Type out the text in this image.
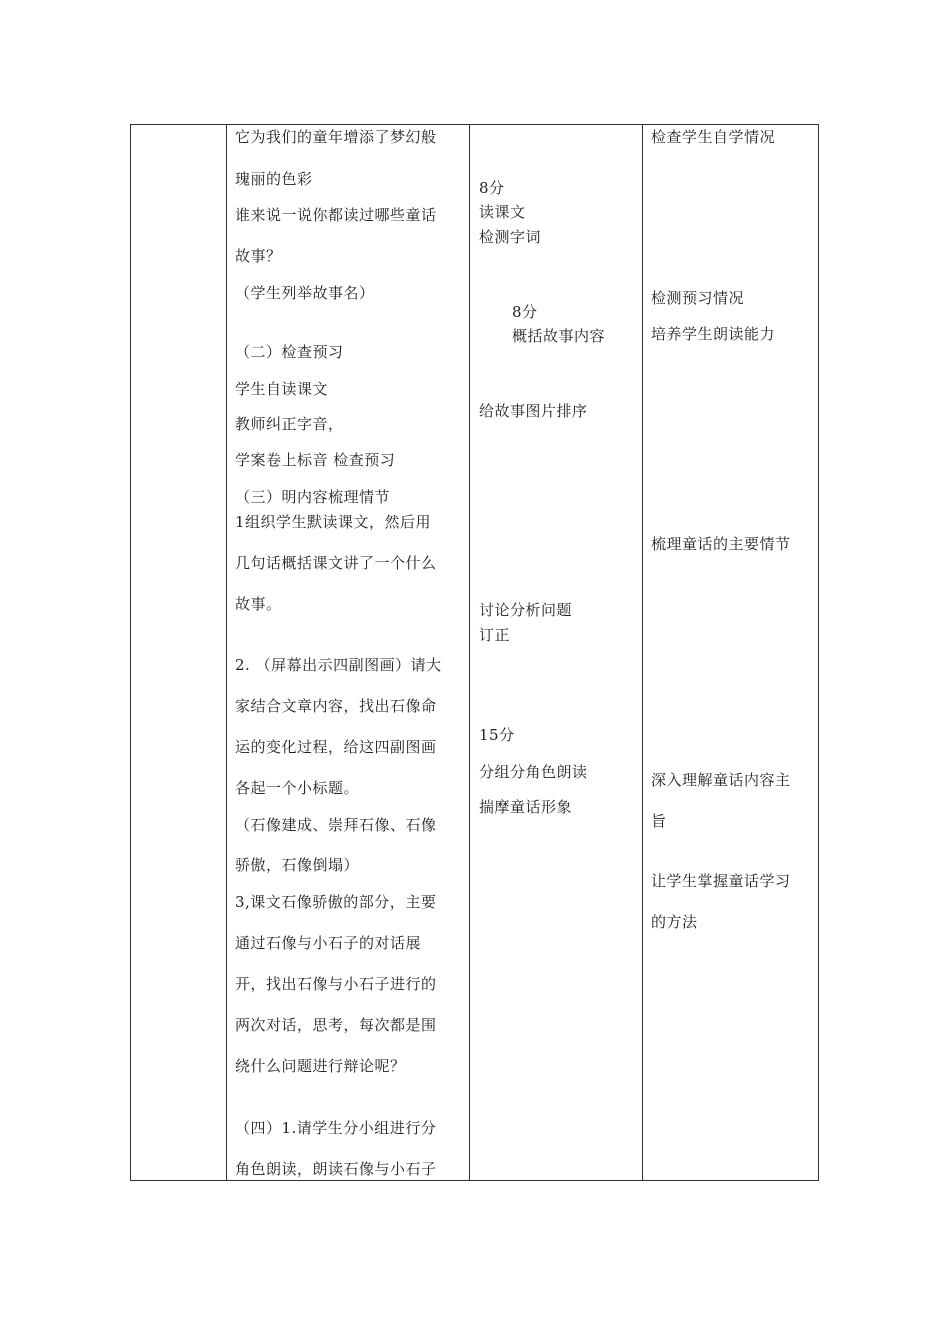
它为我们的童年增添了梦幻般
瑰丽的色彩
谁来说一说你都读过哪些童话
故事？
（学生列举故事名）
（二）检查预习
学生自读课文
教师纠正字音，
学案卷上标音 检查预习
（三）明内容梳理情节
1组织学生默读课文，然后用
几句话概括课文讲了一个什么
故事。
2. （屏幕出示四副图画）请大
家结合文章内容，找出石像命
运的变化过程，给这四副图画
各起一个小标题。
（石像建成、崇拜石像、石像
骄傲，石像倒塌）
3,课文石像骄傲的部分，主要
通过石像与小石子的对话展
开，找出石像与小石子进行的
两次对话，思考，每次都是围
绕什么问题进行辩论呢？
（四）1.请学生分小组进行分
角色朗读，朗读石像与小石子
8分
读课文
检测字词
8分
概括故事内容
给故事图片排序
讨论分析问题
订正
15分
分组分角色朗读
揣摩童话形象
检查学生自学情况
检测预习情况
培养学生朗读能力
梳理童话的主要情节
深入理解童话内容主
旨
让学生掌握童话学习
的方法
